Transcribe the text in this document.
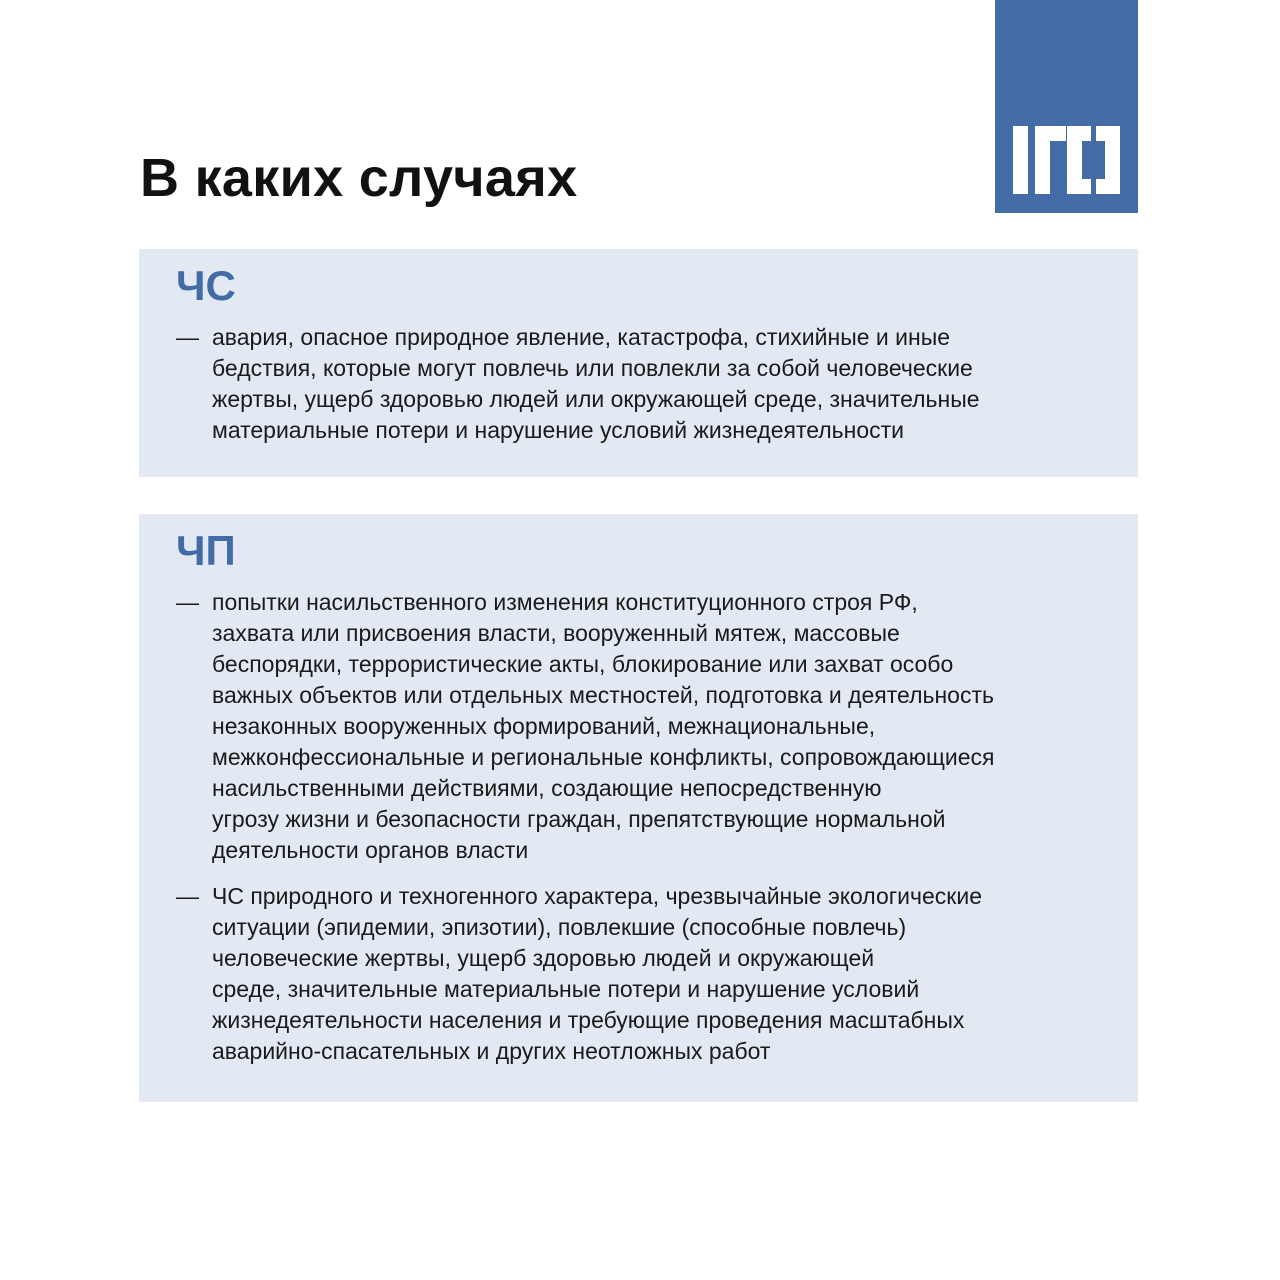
В каких случаях
ЧС
— авария, опасное природное явление, катастрофа, стихийные и иные
бедствия, которые могут повлечь или повлекли за собой человеческие
жертвы, ущерб здоровью людей или окружающей среде, значительные
материальные потери и нарушение условий жизнедеятельности
ЧП
— попытки насильственного изменения конституционного строя РФ,
захвата или присвоения власти, вооруженный мятеж, массовые
беспорядки, террористические акты, блокирование или захват особо
важных объектов или отдельных местностей, подготовка и деятельность
незаконных вооруженных формирований, межнациональные,
межконфессиональные и региональные конфликты, сопровождающиеся
насильственными действиями, создающие непосредственную
угрозу жизни и безопасности граждан, препятствующие нормальной
деятельности органов власти
— ЧС природного и техногенного характера, чрезвычайные экологические
ситуации (эпидемии, эпизотии), повлекшие (способные повлечь)
человеческие жертвы, ущерб здоровью людей и окружающей
среде, значительные материальные потери и нарушение условий
жизнедеятельности населения и требующие проведения масштабных
аварийно-спасательных и других неотложных работ
